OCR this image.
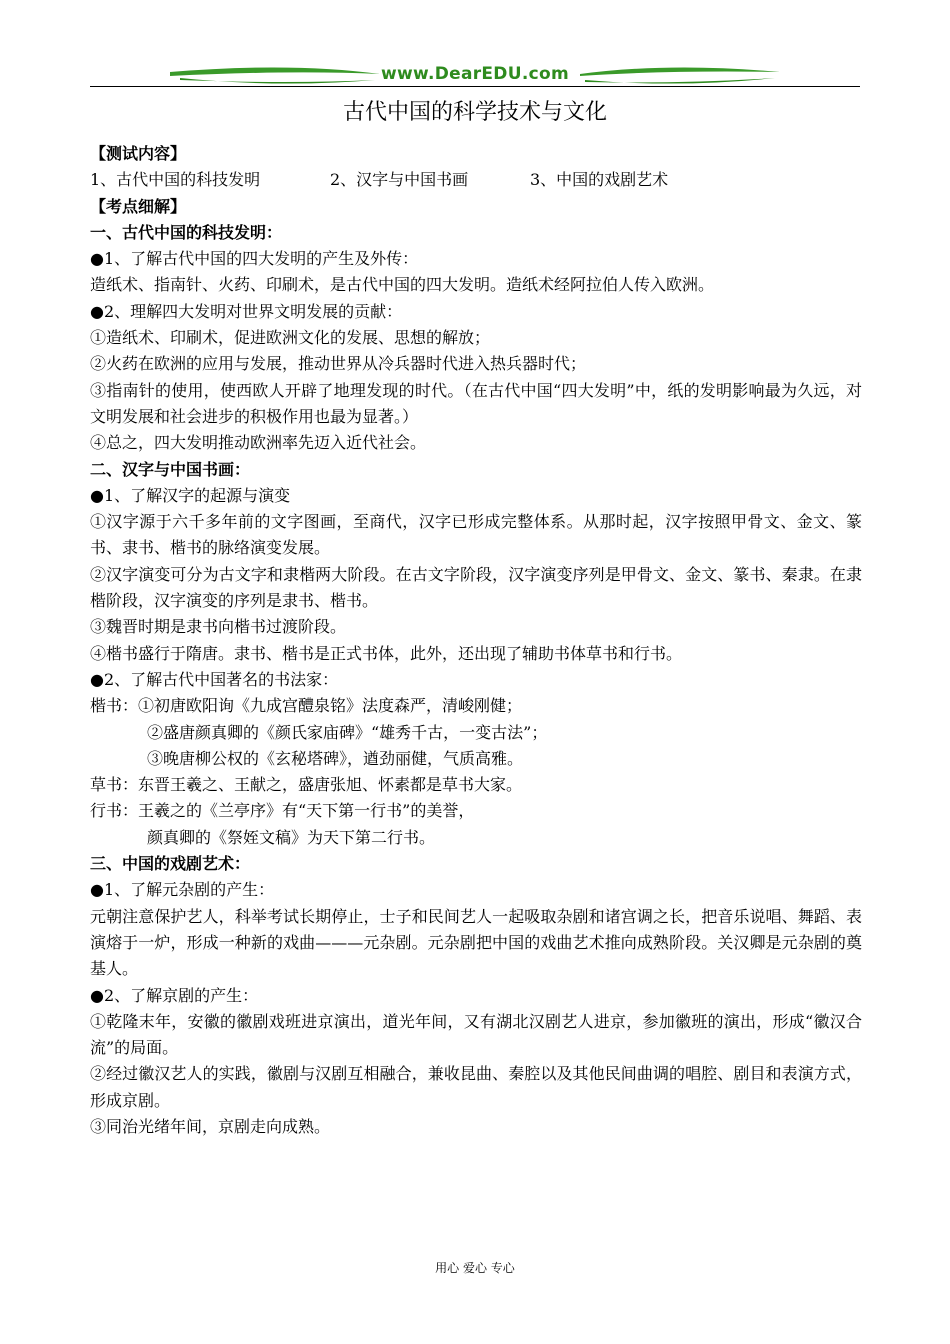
www.DearEDU.com
古代中国的科学技术与文化
【测试内容】
1、古代中国的科技发明	2、汉字与中国书画	3、中国的戏剧艺术
【考点细解】
一、古代中国的科技发明：
●1、了解古代中国的四大发明的产生及外传：
造纸术、指南针、火药、印刷术，是古代中国的四大发明。造纸术经阿拉伯人传入欧洲。
●2、理解四大发明对世界文明发展的贡献：
①造纸术、印刷术，促进欧洲文化的发展、思想的解放；
②火药在欧洲的应用与发展，推动世界从冷兵器时代进入热兵器时代；
③指南针的使用，使西欧人开辟了地理发现的时代。（在古代中国“四大发明”中，纸的发明影响最为久远，对文明发展和社会进步的积极作用也最为显著。）
④总之，四大发明推动欧洲率先迈入近代社会。
二、汉字与中国书画：
●1、了解汉字的起源与演变
①汉字源于六千多年前的文字图画，至商代，汉字已形成完整体系。从那时起，汉字按照甲骨文、金文、篆书、隶书、楷书的脉络演变发展。
②汉字演变可分为古文字和隶楷两大阶段。在古文字阶段，汉字演变序列是甲骨文、金文、篆书、秦隶。在隶楷阶段，汉字演变的序列是隶书、楷书。
③魏晋时期是隶书向楷书过渡阶段。
④楷书盛行于隋唐。隶书、楷书是正式书体，此外，还出现了辅助书体草书和行书。
●2、了解古代中国著名的书法家：
楷书：①初唐欧阳询《九成宫醴泉铭》法度森严，清峻刚健；
②盛唐颜真卿的《颜氏家庙碑》“雄秀千古，一变古法”；
③晚唐柳公权的《玄秘塔碑》，遒劲丽健，气质高雅。
草书：东晋王羲之、王献之，盛唐张旭、怀素都是草书大家。
行书：王羲之的《兰亭序》有“天下第一行书”的美誉，
颜真卿的《祭姪文稿》为天下第二行书。
三、中国的戏剧艺术：
●1、了解元杂剧的产生：
元朝注意保护艺人，科举考试长期停止，士子和民间艺人一起吸取杂剧和诸宫调之长，把音乐说唱、舞蹈、表演熔于一炉，形成一种新的戏曲———元杂剧。元杂剧把中国的戏曲艺术推向成熟阶段。关汉卿是元杂剧的奠基人。
●2、了解京剧的产生：
①乾隆末年，安徽的徽剧戏班进京演出，道光年间，又有湖北汉剧艺人进京，参加徽班的演出，形成“徽汉合流”的局面。
②经过徽汉艺人的实践，徽剧与汉剧互相融合，兼收昆曲、秦腔以及其他民间曲调的唱腔、剧目和表演方式，形成京剧。
③同治光绪年间，京剧走向成熟。
用心 爱心 专心
